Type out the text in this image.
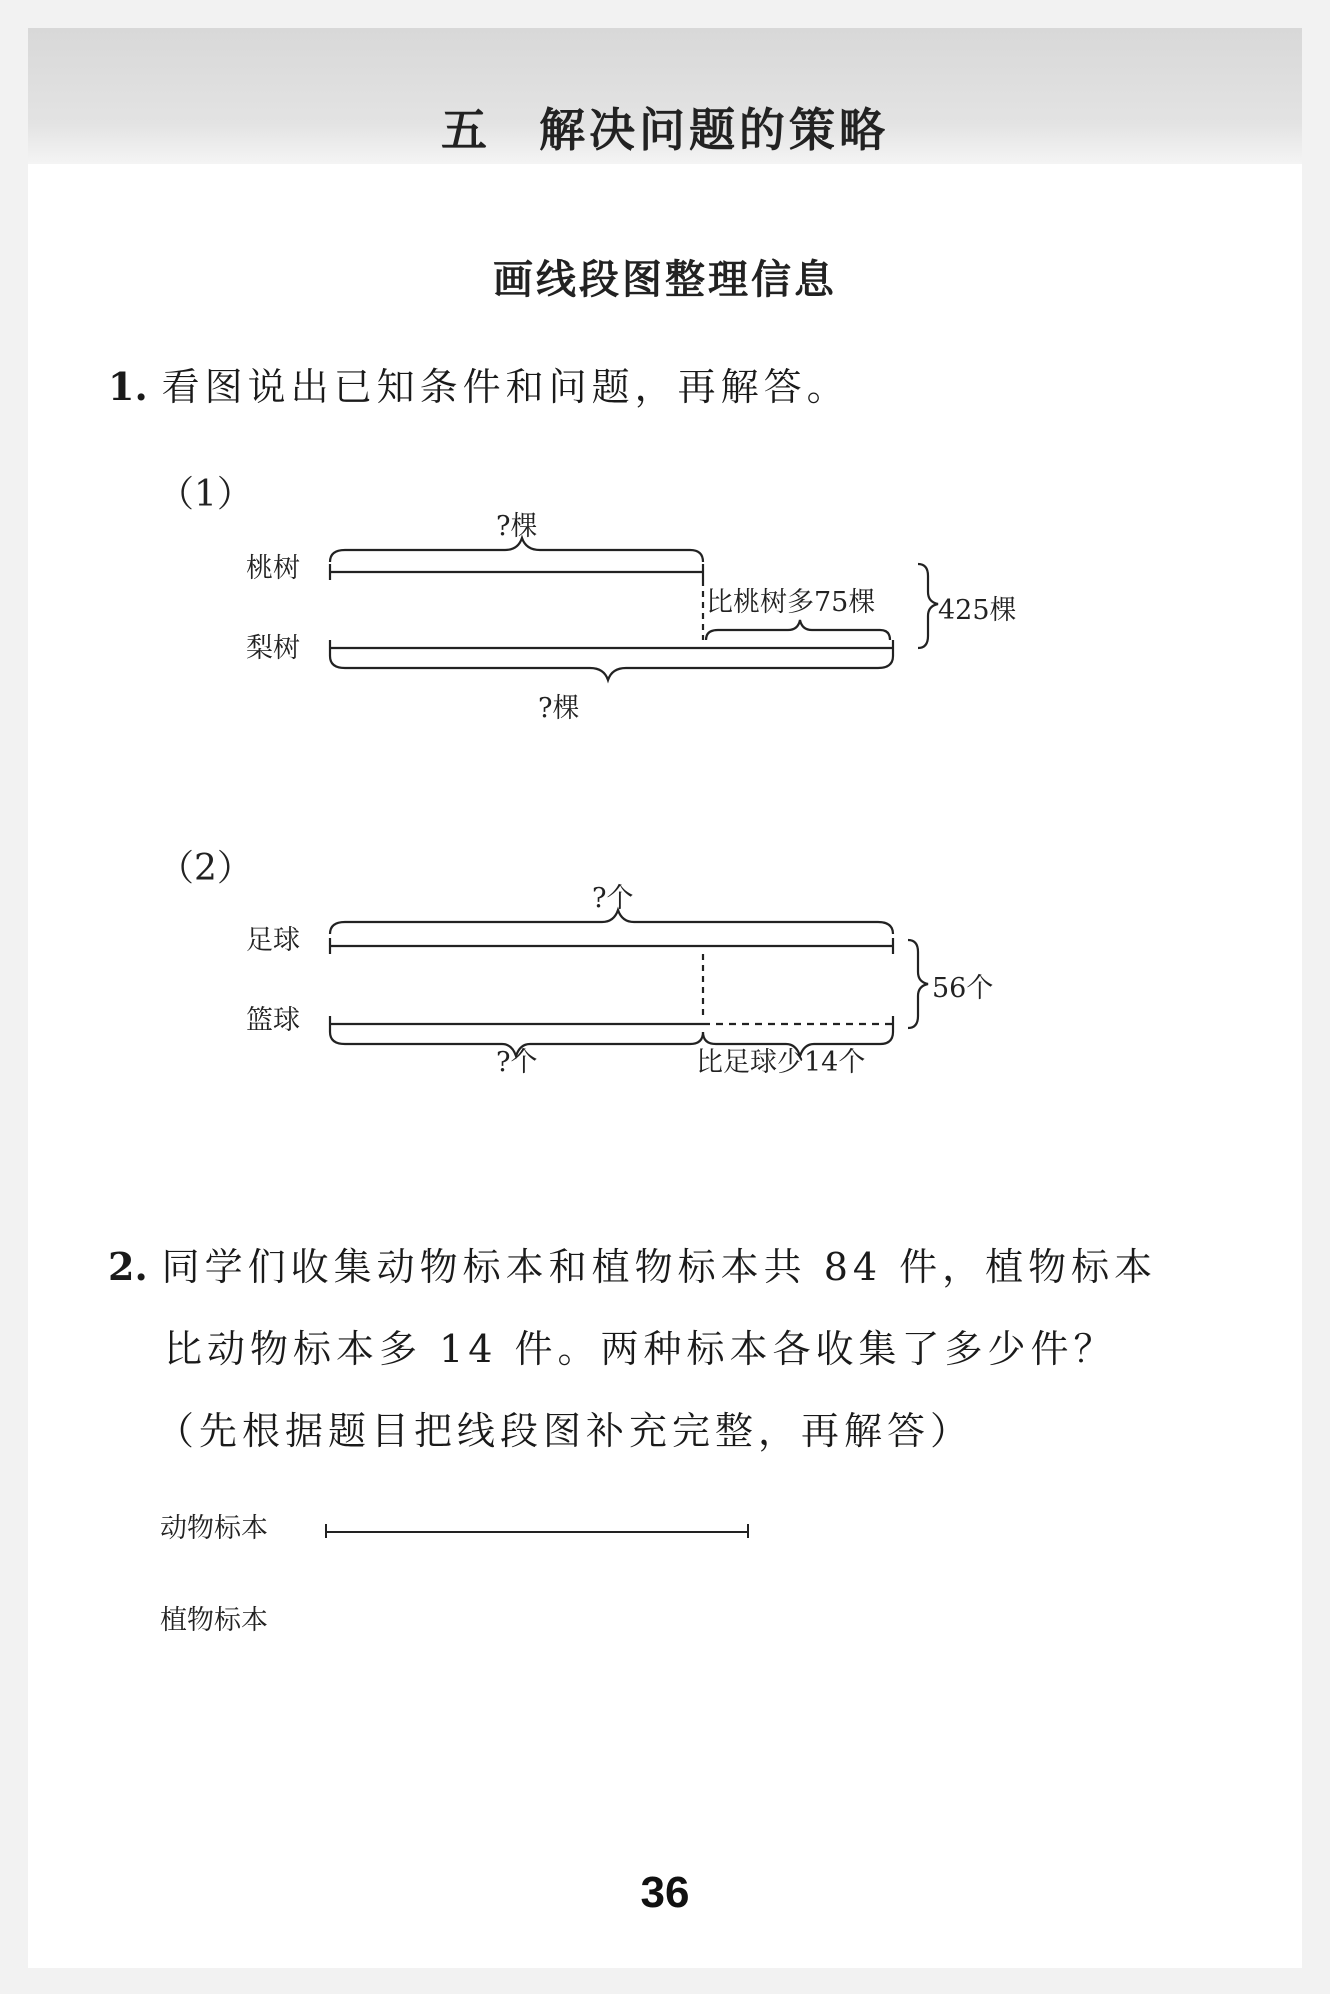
五 解决问题的策略
画线段图整理信息
1. 看图说出已知条件和问题，再解答。
（1）
桃树
梨树
?棵
比桃树多75棵 425棵
?棵
（2）
足球
篮球
?个
56个
?个	比足球少14个
2. 同学们收集动物标本和植物标本共 84 件，植物标本
比动物标本多 14 件。两种标本各收集了多少件？
（先根据题目把线段图补充完整，再解答）
动物标本
植物标本
36
